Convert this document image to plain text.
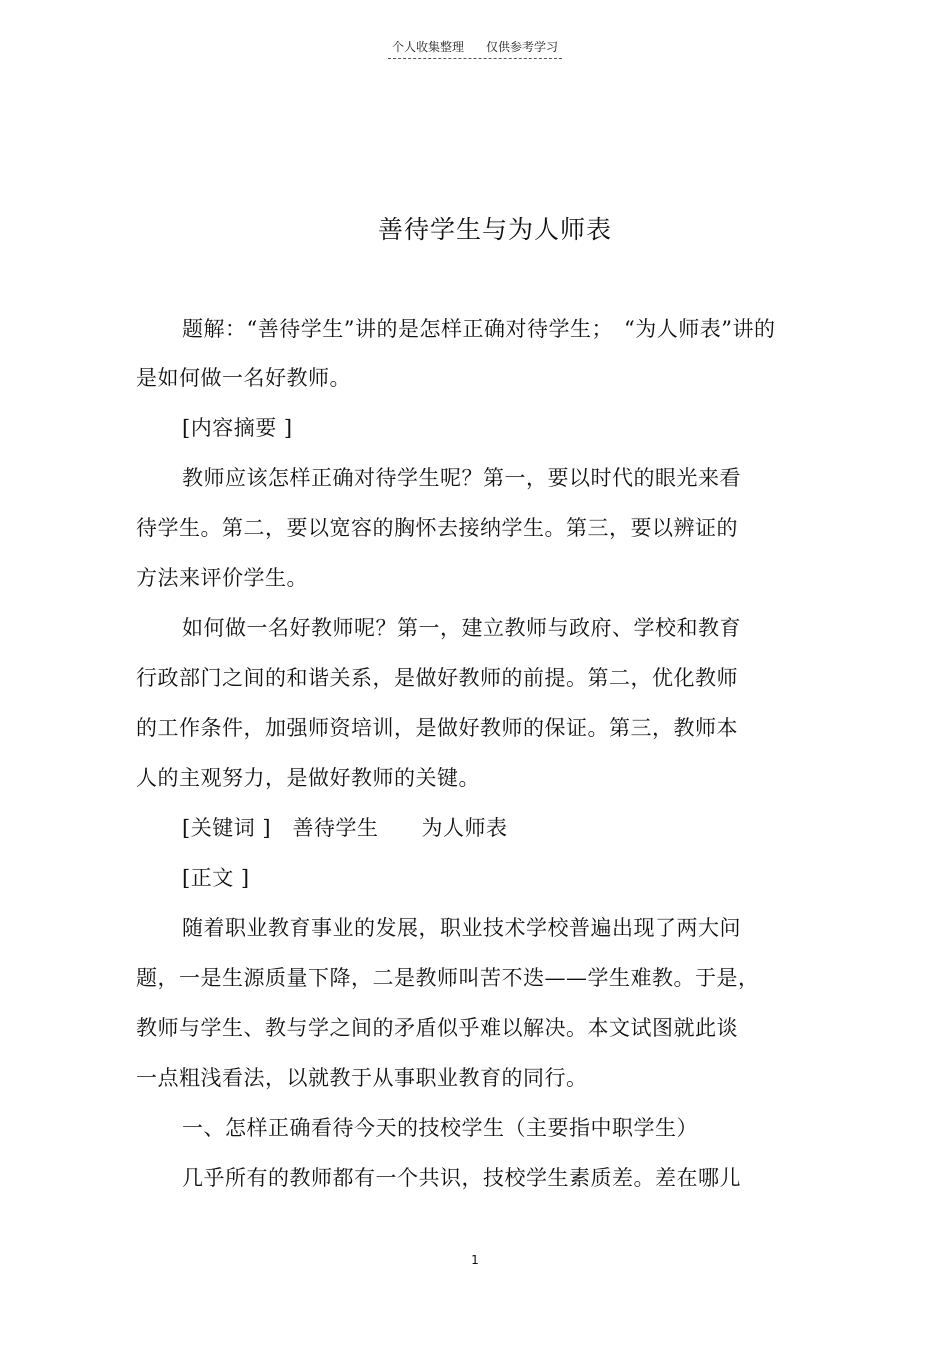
个人收集整理 仅供参考学习
善待学生与为人师表
题解：“善待学生”讲的是怎样正确对待学生；　“为人师表”讲的
是如何做一名好教师。
[内容摘要 ]
教师应该怎样正确对待学生呢？第一，要以时代的眼光来看
待学生。第二，要以宽容的胸怀去接纳学生。第三，要以辨证的
方法来评价学生。
如何做一名好教师呢？第一，建立教师与政府、学校和教育
行政部门之间的和谐关系，是做好教师的前提。第二，优化教师
的工作条件，加强师资培训，是做好教师的保证。第三，教师本
人的主观努力，是做好教师的关键。
[关键词 ]　善待学生　　为人师表
[正文 ]
随着职业教育事业的发展，职业技术学校普遍出现了两大问
题，一是生源质量下降，二是教师叫苦不迭——学生难教。于是，
教师与学生、教与学之间的矛盾似乎难以解决。本文试图就此谈
一点粗浅看法，以就教于从事职业教育的同行。
一、怎样正确看待今天的技校学生（主要指中职学生）
几乎所有的教师都有一个共识，技校学生素质差。差在哪儿
1
